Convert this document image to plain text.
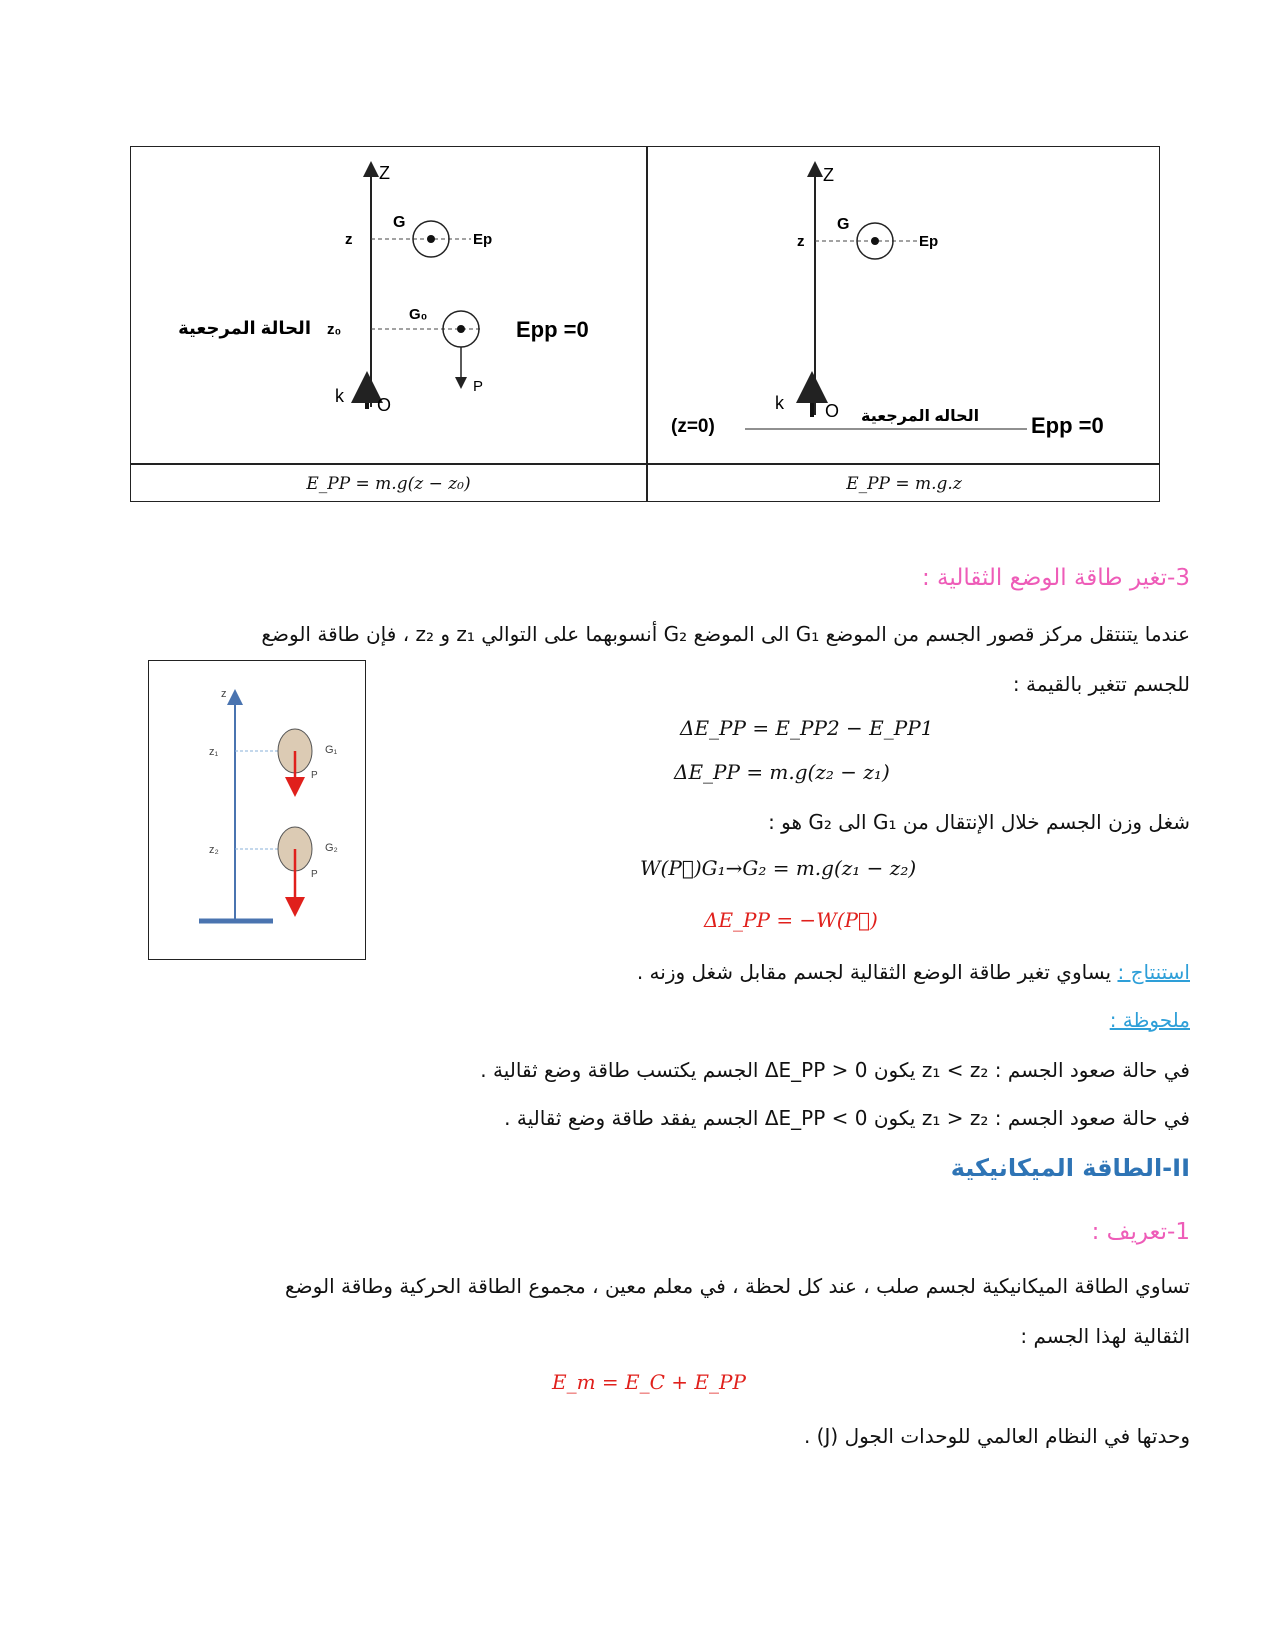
Z
z
G
Ep
z₀
الحالة المرجعية
G₀
Epp =0
P
k O
Z
z
G
Ep
k O
(z=0)	الحاله المرجعية Epp =0
E_PP = m.g(z − z₀)	E_PP = m.g.z
3-تغير طاقة الوضع الثقالية :
عندما يتنتقل مركز قصور الجسم من الموضع G₁ الى الموضع G₂ أنسوبهما على التوالي z₁ و z₂ ، فإن طاقة الوضع
للجسم تتغير بالقيمة :
ΔE_PP = E_PP2 − E_PP1
ΔE_PP = m.g(z₂ − z₁)
شغل وزن الجسم خلال الإنتقال من G₁ الى G₂ هو :
W(P⃗)G₁→G₂ = m.g(z₁ − z₂)
ΔE_PP = −W(P⃗)
استنتاج : يساوي تغير طاقة الوضع الثقالية لجسم مقابل شغل وزنه .
ملحوظة :
في حالة صعود الجسم : z₁ < z₂ يكون ΔE_PP > 0 الجسم يكتسب طاقة وضع ثقالية .
في حالة صعود الجسم : z₁ > z₂ يكون ΔE_PP < 0 الجسم يفقد طاقة وضع ثقالية .
z
z₁	G₁
P
z₂	G₂
P
II-الطاقة الميكانيكية
1-تعريف :
تساوي الطاقة الميكانيكية لجسم صلب ، عند كل لحظة ، في معلم معين ، مجموع الطاقة الحركية وطاقة الوضع
الثقالية لهذا الجسم :
E_m = E_C + E_PP
وحدتها في النظام العالمي للوحدات الجول (J) .
